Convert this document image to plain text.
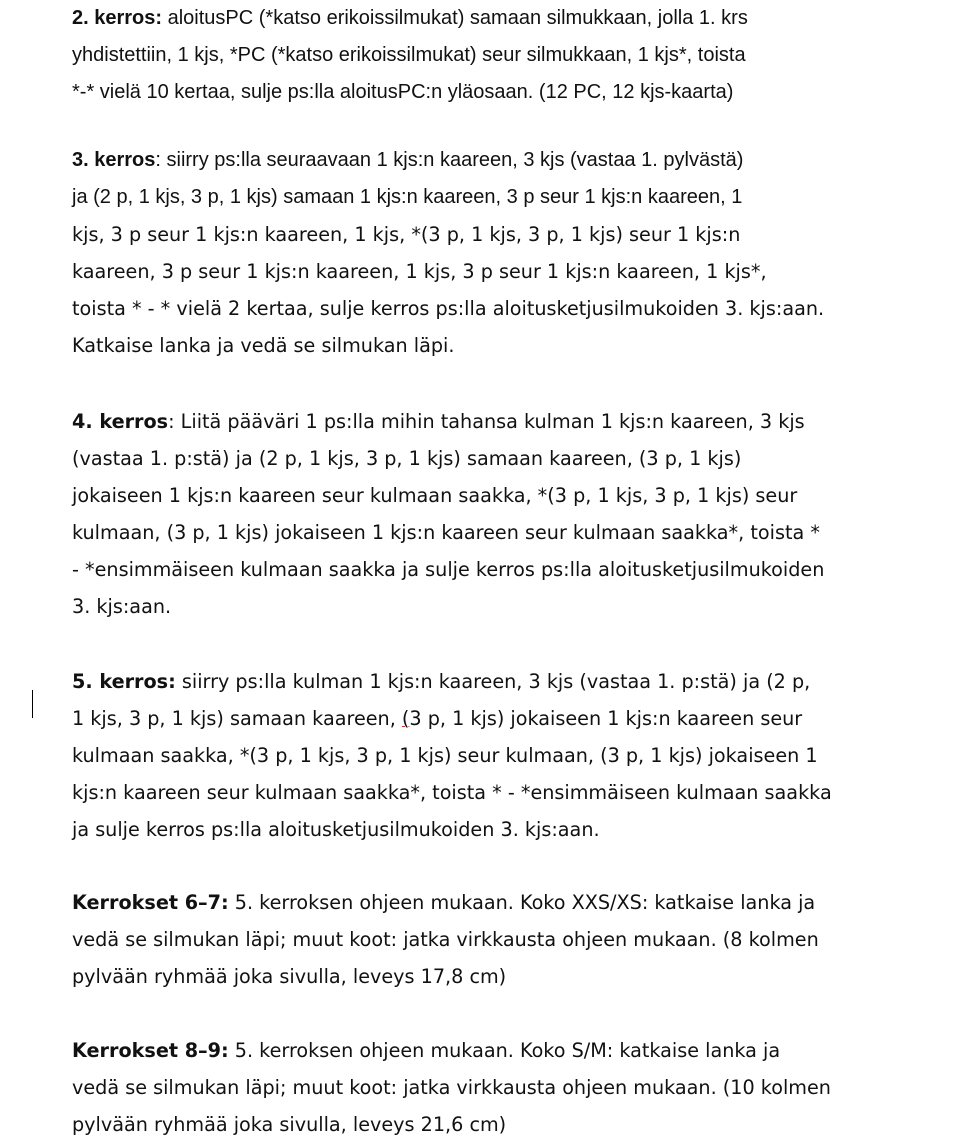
2. kerros: aloitusPC (*katso erikoissilmukat) samaan silmukkaan, jolla 1. krs
yhdistettiin, 1 kjs, *PC (*katso erikoissilmukat) seur silmukkaan, 1 kjs*, toista
*-* vielä 10 kertaa, sulje ps:lla aloitusPC:n yläosaan. (12 PC, 12 kjs-kaarta)
3. kerros: siirry ps:lla seuraavaan 1 kjs:n kaareen, 3 kjs (vastaa 1. pylvästä)
ja (2 p, 1 kjs, 3 p, 1 kjs) samaan 1 kjs:n kaareen, 3 p seur 1 kjs:n kaareen, 1
kjs, 3 p seur 1 kjs:n kaareen, 1 kjs, *(3 p, 1 kjs, 3 p, 1 kjs) seur 1 kjs:n
kaareen, 3 p seur 1 kjs:n kaareen, 1 kjs, 3 p seur 1 kjs:n kaareen, 1 kjs*,
toista * - * vielä 2 kertaa, sulje kerros ps:lla aloitusketjusilmukoiden 3. kjs:aan.
Katkaise lanka ja vedä se silmukan läpi.
4. kerros: Liitä pääväri 1 ps:lla mihin tahansa kulman 1 kjs:n kaareen, 3 kjs
(vastaa 1. p:stä) ja (2 p, 1 kjs, 3 p, 1 kjs) samaan kaareen, (3 p, 1 kjs)
jokaiseen 1 kjs:n kaareen seur kulmaan saakka, *(3 p, 1 kjs, 3 p, 1 kjs) seur
kulmaan, (3 p, 1 kjs) jokaiseen 1 kjs:n kaareen seur kulmaan saakka*, toista *
- *ensimmäiseen kulmaan saakka ja sulje kerros ps:lla aloitusketjusilmukoiden
3. kjs:aan.
5. kerros: siirry ps:lla kulman 1 kjs:n kaareen, 3 kjs (vastaa 1. p:stä) ja (2 p,
1 kjs, 3 p, 1 kjs) samaan kaareen, (3 p, 1 kjs) jokaiseen 1 kjs:n kaareen seur
kulmaan saakka, *(3 p, 1 kjs, 3 p, 1 kjs) seur kulmaan, (3 p, 1 kjs) jokaiseen 1
kjs:n kaareen seur kulmaan saakka*, toista * - *ensimmäiseen kulmaan saakka
ja sulje kerros ps:lla aloitusketjusilmukoiden 3. kjs:aan.
Kerrokset 6–7: 5. kerroksen ohjeen mukaan. Koko XXS/XS: katkaise lanka ja
vedä se silmukan läpi; muut koot: jatka virkkausta ohjeen mukaan. (8 kolmen
pylvään ryhmää joka sivulla, leveys 17,8 cm)
Kerrokset 8–9: 5. kerroksen ohjeen mukaan. Koko S/M: katkaise lanka ja
vedä se silmukan läpi; muut koot: jatka virkkausta ohjeen mukaan. (10 kolmen
pylvään ryhmää joka sivulla, leveys 21,6 cm)
